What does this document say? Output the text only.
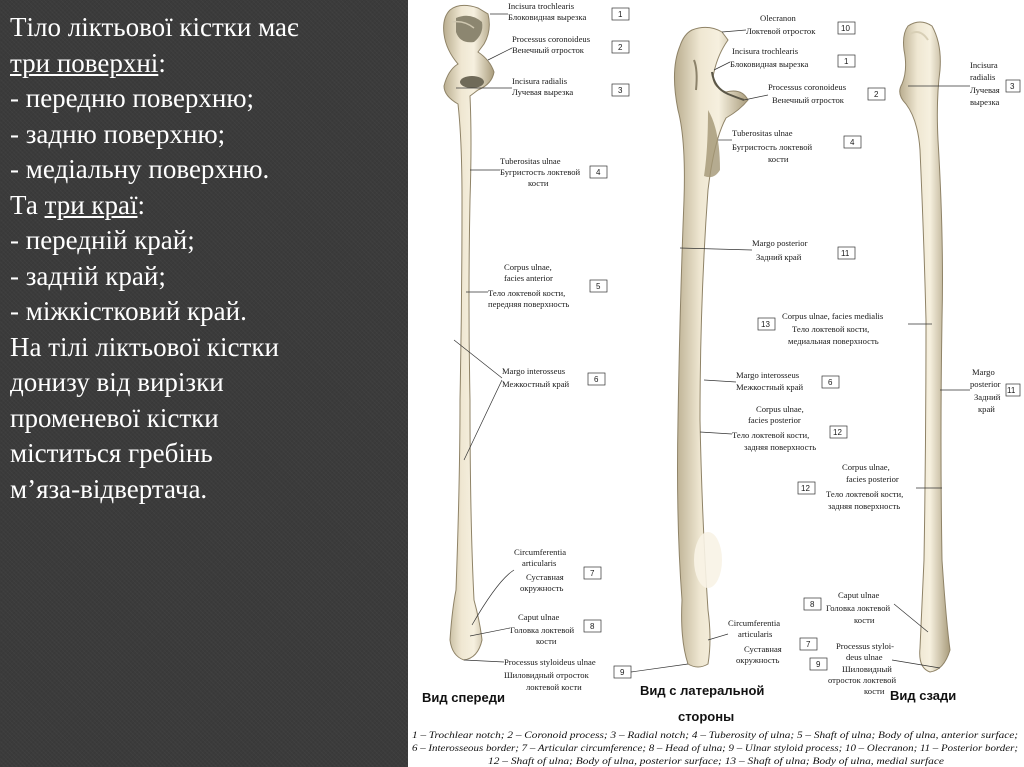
Тіло ліктьової кістки має
три поверхні:
- передню поверхню;
- задню поверхню;
- медіальну поверхню.
Та три краї:
- передній край;
- задній край;
- міжкістковий край.
На тілі ліктьової кістки
донизу від вирізки
променевої кістки
міститься гребінь
м’яза-відвертача.
Incisura trochlearis
Блоковидная вырезка	1
Processus coronoideus
Венечный отросток	2
Incisura radialis
Лучевая вырезка	3
Tuberositas ulnae
Бугристость локтевой
кости
4
Corpus ulnae,
facies anterior
Тело локтевой кости,
передняя поверхность
5
Margo interosseus
Межкостный край	6
Circumferentia
articularis
Суставная
окружность
7
Caput ulnae
Головка локтевой
кости
8
Processus styloideus ulnae
Шиловидный отросток
локтевой кости
9
Olecranon
Локтевой отросток	10
Incisura trochlearis
Блоковидная вырезка	1
Processus coronoideus
Венечный отросток
2
Tuberositas ulnae
Бугристость локтевой
кости
4
Margo posterior
Задний край	11
13
Corpus ulnae, facies medialis
Тело локтевой кости,
медиальная поверхность
Margo interosseus
Межкостный край	6
Corpus ulnae,
facies posterior
Тело локтевой кости,
задняя поверхность
12
Corpus ulnae,
facies posterior
12
Тело локтевой кости,
задняя поверхность
8
Caput ulnae
Головка локтевой
кости
Circumferentia
articularis
Суставная
окружность
7
9
Processus styloi-
deus ulnae
Шиловидный
отросток локтевой
кости
Incisura
radialis
Лучевая
вырезка
3
Margo
posterior
Задний
край
11
Вид спереди	Вид с латеральной
стороны
Вид сзади
1 – Trochlear notch; 2 – Coronoid process; 3 – Radial notch; 4 – Tuberosity of ulna; 5 – Shaft of ulna; Body of ulna, anterior surface;
6 – Interosseous border; 7 – Articular circumference; 8 – Head of ulna; 9 – Ulnar styloid process; 10 – Olecranon; 11 – Posterior border;
12 – Shaft of ulna; Body of ulna, posterior surface; 13 – Shaft of ulna; Body of ulna, medial surface
